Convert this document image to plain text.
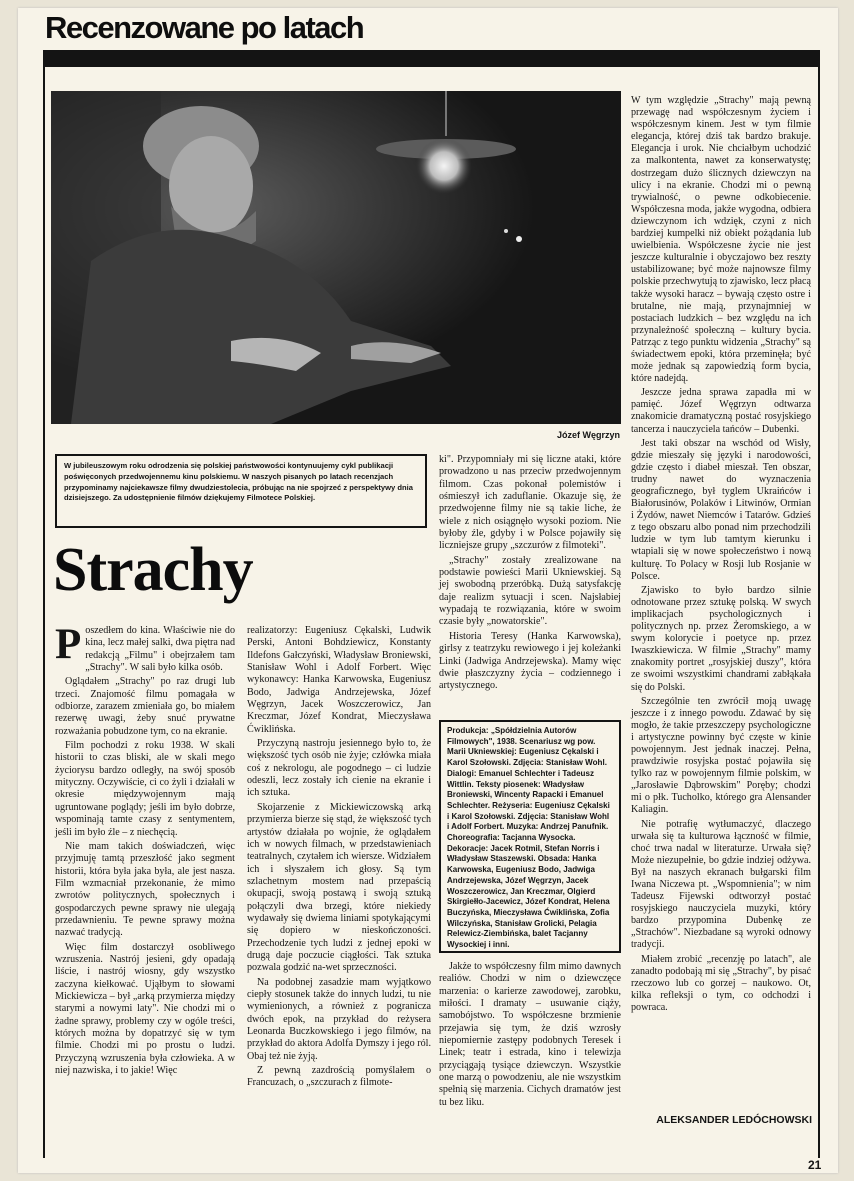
Recenzowane po latach
Józef Węgrzyn
W jubileuszowym roku odrodzenia się polskiej państwowości kontynuujemy cykl publikacji poświęconych przedwojennemu kinu polskiemu. W naszych pisanych po latach recenzjach przypominamy najciekawsze filmy dwudziestolecia, próbując na nie spojrzeć z perspektywy dnia dzisiejszego. Za udostępnienie filmów dziękujemy Filmotece Polskiej.
Strachy

Poszedłem do kina. Właściwie nie do kina, lecz małej salki, dwa piętra nad redakcją „Filmu" i obejrzałem tam „Strachy". W sali było kilka osób.

Oglądałem „Strachy" po raz drugi lub trzeci. Znajomość filmu pomagała w odbiorze, zarazem zmieniała go, bo miałem rezerwę uwagi, żeby snuć prywatne rozważania pobudzone tym, co na ekranie.

Film pochodzi z roku 1938. W skali historii to czas bliski, ale w skali mego życiorysu bardzo odległy, na swój sposób mityczny. Oczywiście, ci co żyli i działali w okresie międzywojennym mają ugruntowane poglądy; jeśli im było dobrze, wspominają tamte czasy z sentymentem, jeśli im było źle – z niechęcią.

Nie mam takich doświadczeń, więc przyjmuję tamtą przeszłość jako segment historii, która była jaka była, ale jest nasza. Film wzmacniał przekonanie, że mimo zwrotów politycznych, społecznych i gospodarczych pewne sprawy nie ulegają przedawnieniu. Te pewne sprawy można nazwać tradycją.

Więc film dostarczył osobliwego wzruszenia. Nastrój jesieni, gdy opadają liście, i nastrój wiosny, gdy wszystko zaczyna kiełkować. Ująłbym to słowami Mickiewicza – był „arką przymierza między starymi a nowymi laty". Nie chodzi mi o żadne sprawy, problemy czy w ogóle treści, których można by dopatrzyć się w tym filmie. Chodzi mi po prostu o ludzi. Przyczyną wzruszenia była człowieka. A w niej nazwiska, i to jakie! Więc

realizatorzy: Eugeniusz Cękalski, Ludwik Perski, Antoni Bohdziewicz, Konstanty Ildefons Gałczyński, Władysław Broniewski, Stanisław Wohl i Adolf Forbert. Więc wykonawcy: Hanka Karwowska, Eugeniusz Bodo, Jadwiga Andrzejewska, Józef Węgrzyn, Jacek Woszczerowicz, Jan Kreczmar, Józef Kondrat, Mieczysława Ćwiklińska.

Przyczyną nastroju jesiennego było to, że większość tych osób nie żyje; człówka miała coś z nekrologu, ale pogodnego – ci ludzie odeszli, lecz zostały ich cienie na ekranie i ich sztuka.

Skojarzenie z Mickiewiczowską arką przymierza bierze się stąd, że większość tych artystów działała po wojnie, że oglądałem ich w nowych filmach, w przedstawieniach teatralnych, czytałem ich wiersze. Widziałem ich i słyszałem ich głosy. Są tym szlachetnym mostem nad przepaścią okupacji, swoją postawą i swoją sztuką połączyli dwa brzegi, które niekiedy wydawały się dwiema liniami spotykającymi się dopiero w nieskończoności. Przechodzenie tych ludzi z jednej epoki w drugą daje poczucie ciągłości. Tak sztuka pozwala godzić na-wet sprzeczności.

Na podobnej zasadzie mam wyjątkowo ciepły stosunek także do innych ludzi, tu nie wymienionych, a również z pogranicza dwóch epok, na przykład do reżysera Leonarda Buczkowskiego i jego filmów, na przykład do aktora Adolfa Dymszy i jego ról. Obaj też nie żyją.

Z pewną zazdrością pomyślałem o Francuzach, o „szczurach z filmote-

ki". Przypomniały mi się liczne ataki, które prowadzono u nas przeciw przedwojennym filmom. Czas pokonał polemistów i ośmieszył ich zaduflanie. Okazuje się, że przedwojenne filmy nie są takie liche, że wiele z nich osiągnęło wysoki poziom. Nie byłoby źle, gdyby i w Polsce pojawiły się liczniejsze grupy „szczurów z filmoteki".

„Strachy" zostały zrealizowane na podstawie powieści Marii Ukniewskiej. Są jej swobodną przeróbką. Dużą satysfakcję daje realizm sytuacji i scen. Najsłabiej wypadają te rozwiązania, które w swoim czasie były „nowatorskie".

Historia Teresy (Hanka Karwowska), girlsy z teatrzyku rewiowego i jej koleżanki Linki (Jadwiga Andrzejewska). Mamy więc dwie płaszczyzny życia – codziennego i artystycznego.

Produkcja: „Spółdzielnia Autorów Filmowych", 1938. Scenariusz wg pow. Marii Ukniewskiej: Eugeniusz Cękalski i Karol Szołowski. Zdjęcia: Stanisław Wohl. Dialogi: Emanuel Schlechter i Tadeusz Wittlin. Teksty piosenek: Władysław Broniewski, Wincenty Rapacki i Emanuel Schlechter. Reżyseria: Eugeniusz Cękalski i Karol Szołowski. Zdjęcia: Stanisław Wohl i Adolf Forbert. Muzyka: Andrzej Panufnik. Choreografia: Tacjanna Wysocka. Dekoracje: Jacek Rotmil, Stefan Norris i Władysław Staszewski. Obsada: Hanka Karwowska, Eugeniusz Bodo, Jadwiga Andrzejewska, Józef Węgrzyn, Jacek Woszczerowicz, Jan Kreczmar, Olgierd Skirgiełło-Jacewicz, Józef Kondrat, Helena Buczyńska, Mieczysława Ćwiklińska, Zofia Wilczyńska, Stanisław Grolicki, Pelagia Relewicz-Ziembińska, balet Tacjanny Wysockiej i inni.

Jakże to współczesny film mimo dawnych realiów. Chodzi w nim o dziewczęce marzenia: o karierze zawodowej, zarobku, miłości. I dramaty – usuwanie ciąży, samobójstwo. To współczesne brzmienie przejawia się tym, że dziś wzrosły niepomiernie zastępy podobnych Teresek i Linek; teatr i estrada, kino i telewizja przyciągają tysiące dziewczyn. Wszystkie one marzą o powodzeniu, ale nie wszystkim spełnią się marzenia. Cichych dramatów jest tu bez liku.

W tym względzie „Strachy" mają pewną przewagę nad współczesnym życiem i współczesnym kinem. Jest w tym filmie elegancja, której dziś tak bardzo brakuje. Elegancja i urok. Nie chciałbym uchodzić za malkontenta, nawet za konserwatystę; dostrzegam dużo ślicznych dziewczyn na ulicy i na ekranie. Chodzi mi o pewną trywialność, o pewne odkobiecenie. Współczesna moda, jakże wygodna, odbiera dziewczynom ich wdzięk, czyni z nich bardziej kumpelki niż obiekt pożądania lub uwielbienia. Współczesne życie nie jest jeszcze kulturalnie i obyczajowo bez reszty ustabilizowane; być może najnowsze filmy polskie przechwytują to zjawisko, lecz płacą także wysoki haracz – bywają często ostre i brutalne, nie mają, przynajmniej w postaciach ludzkich – bez względu na ich przynależność społeczną – kultury bycia. Patrząc z tego punktu widzenia „Strachy" są świadectwem epoki, która przeminęła; być może jednak są zapowiedzią form bycia, które nadejdą.

Jeszcze jedna sprawa zapadła mi w pamięć. Józef Węgrzyn odtwarza znakomicie dramatyczną postać rosyjskiego tancerza i nauczyciela tańców – Dubenki.

Jest taki obszar na wschód od Wisły, gdzie mieszały się języki i narodowości, gdzie często i diabeł mieszał. Ten obszar, trudny nawet do wyznaczenia geograficznego, był tyglem Ukraińców i Białorusinów, Polaków i Litwinów, Ormian i Żydów, nawet Niemców i Tatarów. Gdzieś z tego obszaru albo ponad nim przechodzili ludzie w tym lub tamtym kierunku i wtapiali się w nowe społeczeństwo i nową kulturę. To Polacy w Rosji lub Rosjanie w Polsce.

Zjawisko to było bardzo silnie odnotowane przez sztukę polską. W swych implikacjach psychologicznych i politycznych np. przez Żeromskiego, a w swym kolorycie i poetyce np. przez Iwaszkiewicza. W filmie „Strachy" mamy znakomity portret „rosyjskiej duszy", która ze swoimi wszystkimi chandrami zabłąkała się do Polski.

Szczególnie ten zwrócił moją uwagę jeszcze i z innego powodu. Zdawać by się mogło, że takie przeszczepy psychologiczne i artystyczne powinny być częste w kinie powojennym. Jest jednak inaczej. Pełna, prawdziwie rosyjska postać pojawiła się tylko raz w powojennym filmie polskim, w „Jarosławie Dąbrowskim" Poręby; chodzi mi o płk. Tucholko, którego gra Alensander Kaliagin.

Nie potrafię wytłumaczyć, dlaczego urwała się ta kulturowa łączność w filmie, choć trwa nadal w literaturze. Urwała się? Może niezupełnie, bo gdzie indziej odżywa. Był na naszych ekranach bułgarski film Iwana Niczewa pt. „Wspomnienia"; w nim Tadeusz Fijewski odtworzył postać rosyjskiego nauczyciela muzyki, który bardzo przypomina Dubenkę ze „Strachów". Niezbadane są wyroki odnowy tradycji.

Miałem zrobić „recenzję po latach", ale zanadto podobają mi się „Strachy", by pisać rzeczowo lub co gorzej – naukowo. Ot, kilka refleksji o tym, co odchodzi i powraca.

ALEKSANDER LEDÓCHOWSKI
21
